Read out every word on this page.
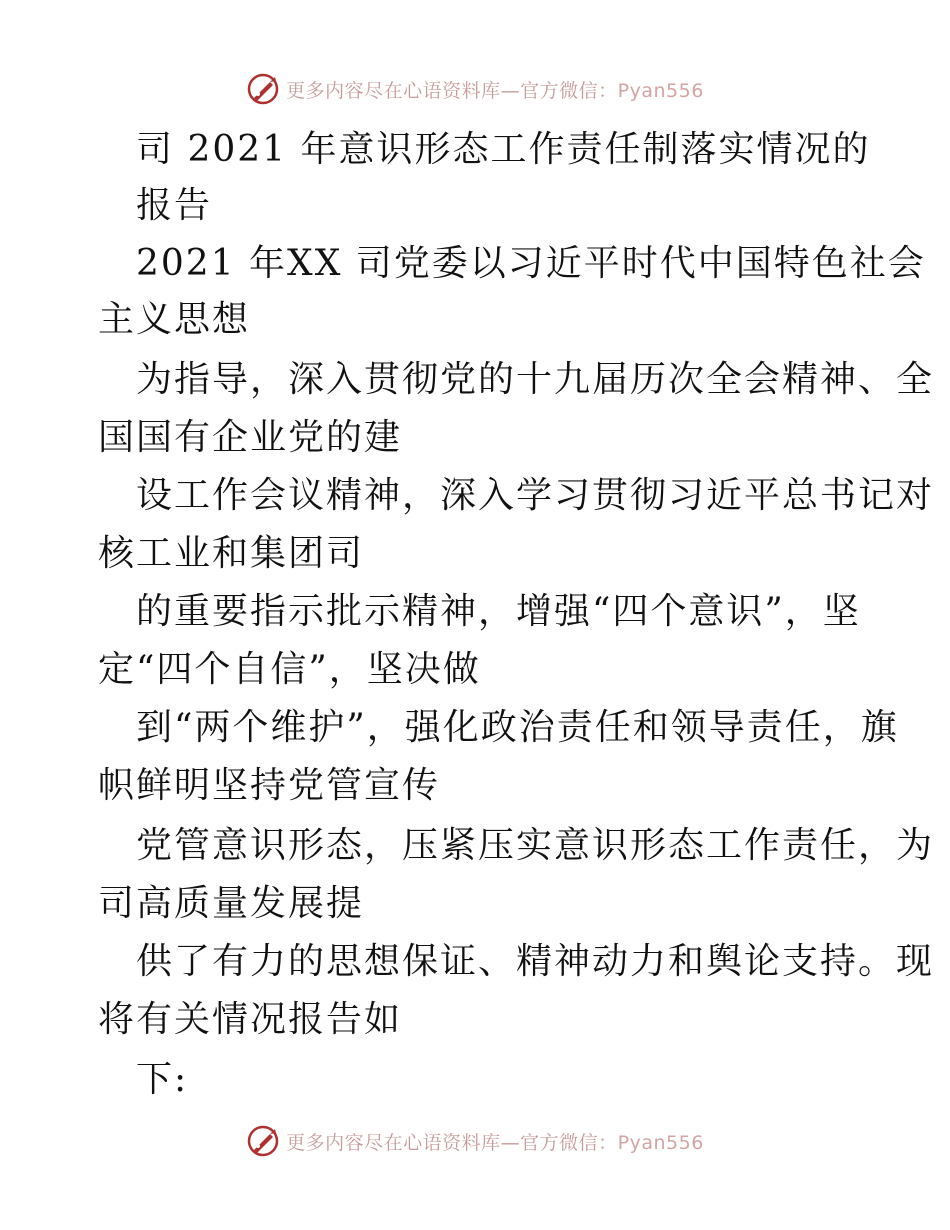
更多内容尽在心语资料库—官方微信：Pyan556
司 2021 年意识形态工作责任制落实情况的
报告
2021 年XX 司党委以习近平时代中国特色社会
主义思想
为指导，深入贯彻党的十九届历次全会精神、全
国国有企业党的建
设工作会议精神，深入学习贯彻习近平总书记对
核工业和集团司
的重要指示批示精神，增强“四个意识”，坚
定“四个自信”，坚决做
到“两个维护”，强化政治责任和领导责任，旗
帜鲜明坚持党管宣传
党管意识形态，压紧压实意识形态工作责任，为
司高质量发展提
供了有力的思想保证、精神动力和舆论支持。现
将有关情况报告如
下:
更多内容尽在心语资料库—官方微信：Pyan556
